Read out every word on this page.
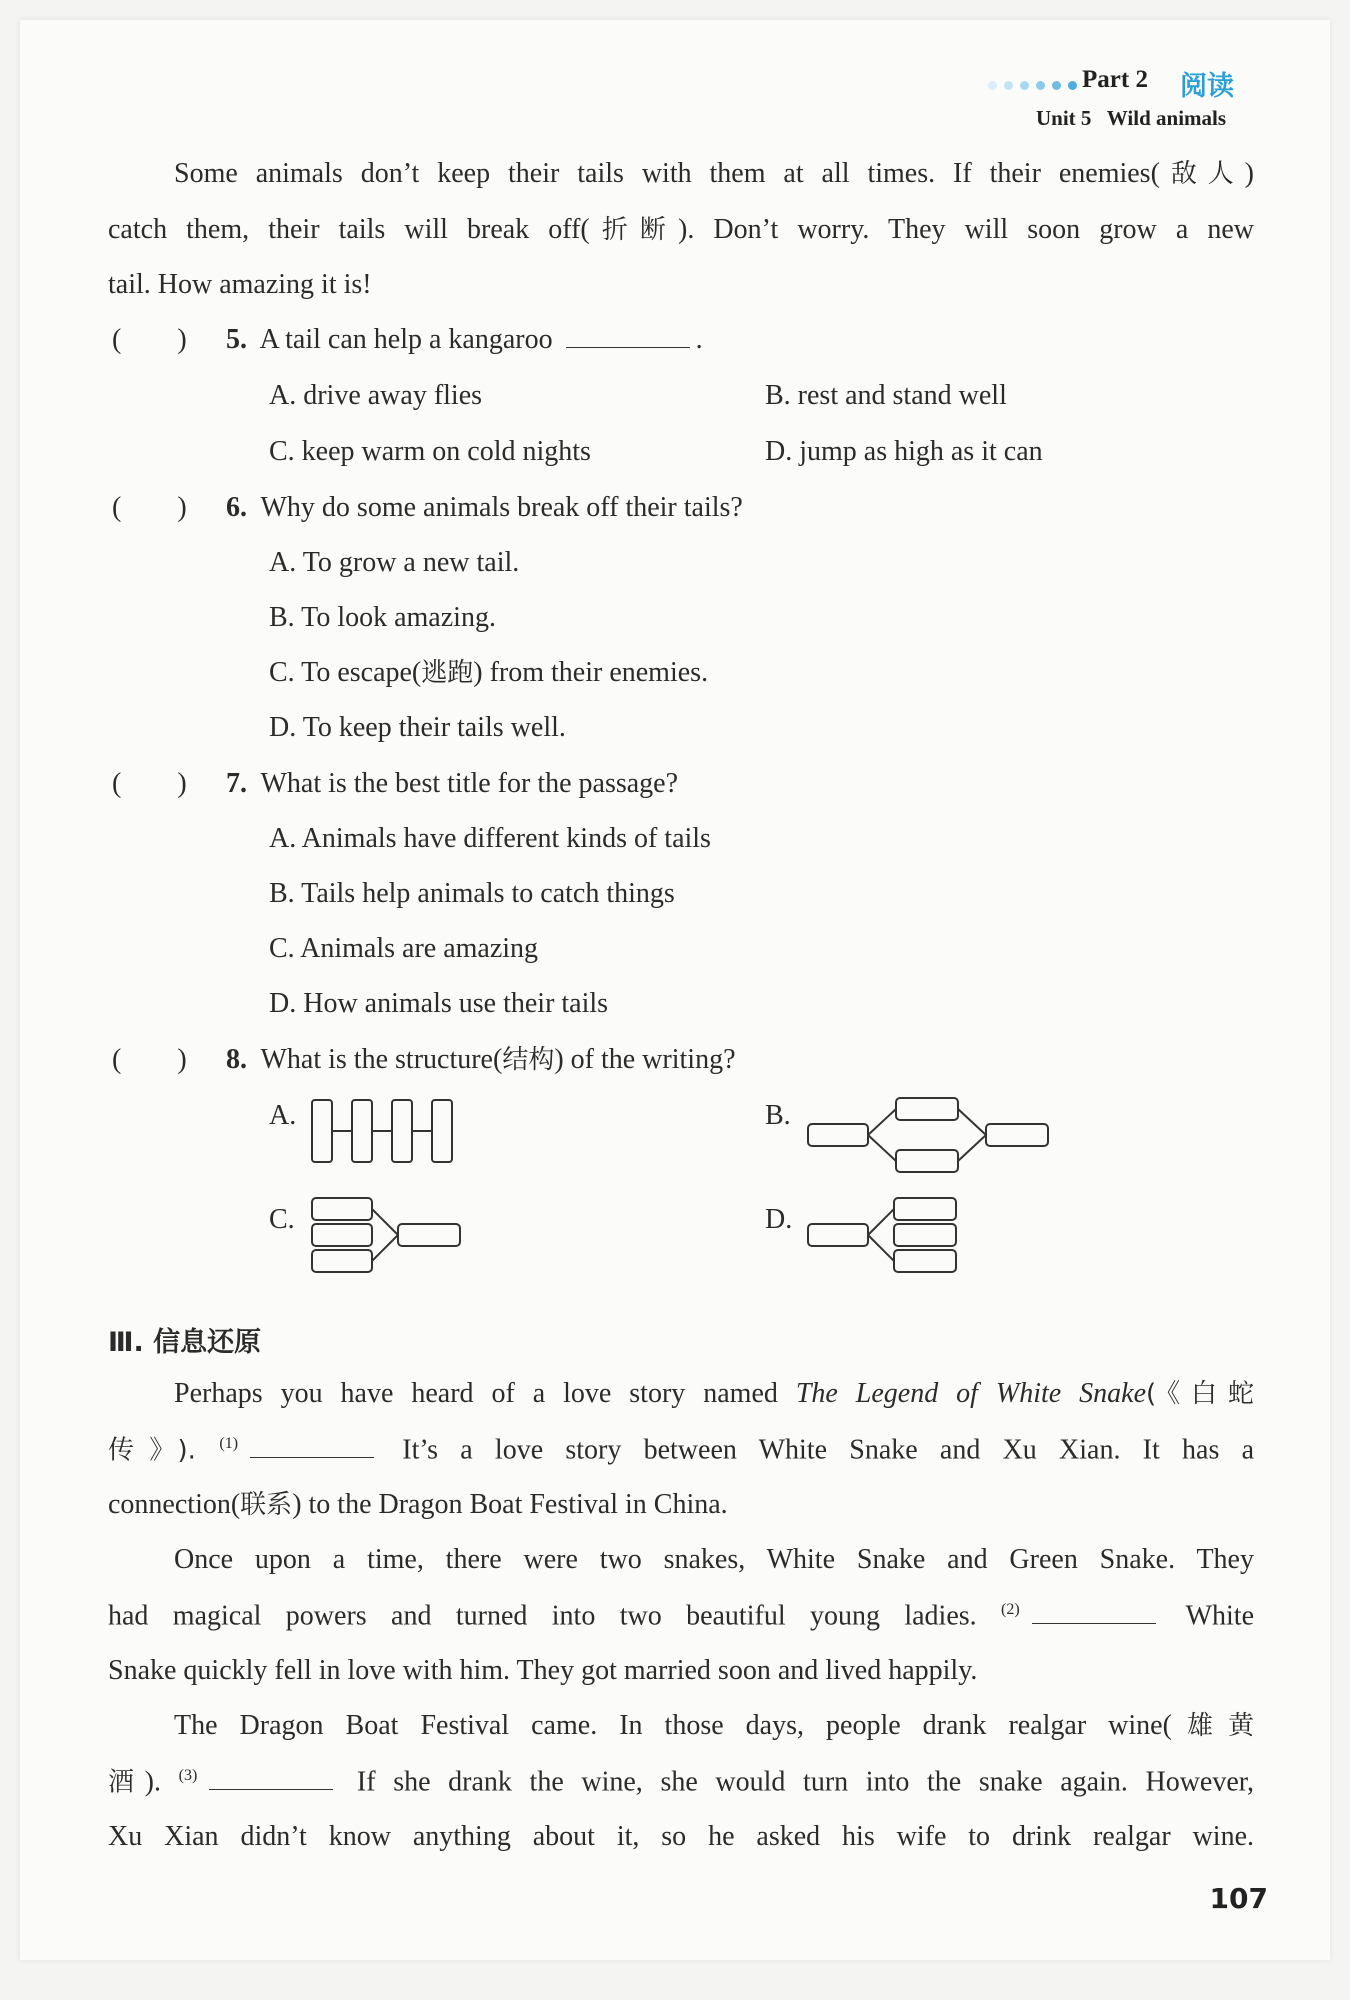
Part 2 阅读
Unit 5   Wild animals
Some animals don’t keep their tails with them at all times. If their enemies(敌人)
catch them, their tails will break off(折断). Don’t worry. They will soon grow a new
tail. How amazing it is!
(        ) 5. A tail can help a kangaroo	.
A. drive away flies	B. rest and stand well
C. keep warm on cold nights	D. jump as high as it can
(        ) 6. Why do some animals break off their tails?
A. To grow a new tail.
B. To look amazing.
C. To escape(逃跑) from their enemies.
D. To keep their tails well.
(        ) 7. What is the best title for the passage?
A. Animals have different kinds of tails
B. Tails help animals to catch things
C. Animals are amazing
D. How animals use their tails
(        ) 8. What is the structure(结构) of the writing?
A.	B.
C.	D.
Ⅲ. 信息还原
Perhaps you have heard of a love story named The Legend of White Snake(《白蛇
传》). $^{(1)}$	It’s a love story between White Snake and Xu Xian. It has a
connection(联系) to the Dragon Boat Festival in China.
Once upon a time, there were two snakes, White Snake and Green Snake. They
had magical powers and turned into two beautiful young ladies. $^{(2)}$	White
Snake quickly fell in love with him. They got married soon and lived happily.
The Dragon Boat Festival came. In those days, people drank realgar wine(雄黄
酒). $^{(3)}$	If she drank the wine, she would turn into the snake again. However,
Xu Xian didn’t know anything about it, so he asked his wife to drink realgar wine.
107
